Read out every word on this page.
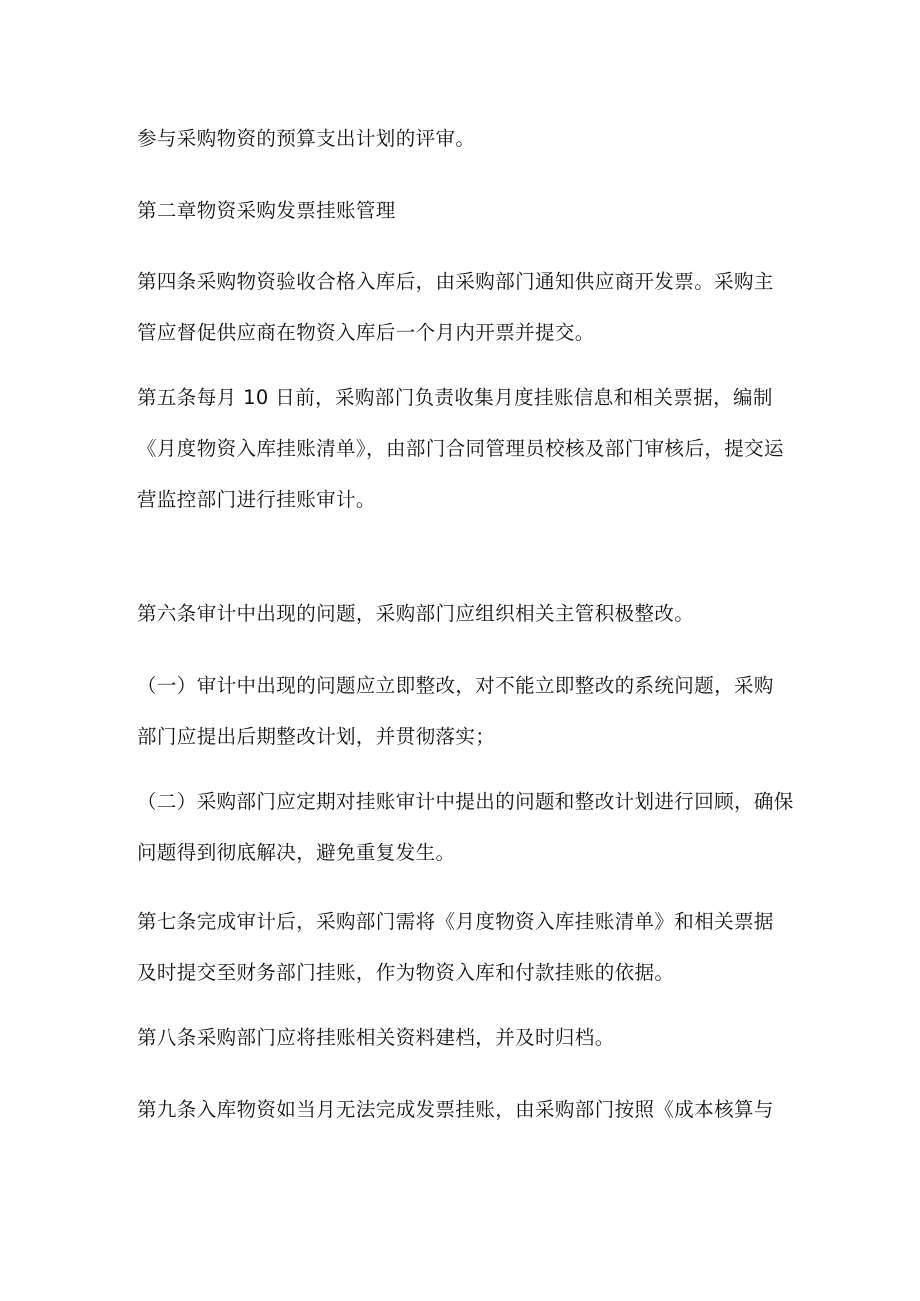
参与采购物资的预算支出计划的评审。

第二章物资采购发票挂账管理

第四条采购物资验收合格入库后，由采购部门通知供应商开发票。采购主
管应督促供应商在物资入库后一个月内开票并提交。

第五条每月 10 日前，采购部门负责收集月度挂账信息和相关票据，编制
《月度物资入库挂账清单》，由部门合同管理员校核及部门审核后，提交运
营监控部门进行挂账审计。

第六条审计中出现的问题，采购部门应组织相关主管积极整改。

（一）审计中出现的问题应立即整改，对不能立即整改的系统问题，采购
部门应提出后期整改计划，并贯彻落实；

（二）采购部门应定期对挂账审计中提出的问题和整改计划进行回顾，确保
问题得到彻底解决，避免重复发生。

第七条完成审计后，采购部门需将《月度物资入库挂账清单》和相关票据
及时提交至财务部门挂账，作为物资入库和付款挂账的依据。

第八条采购部门应将挂账相关资料建档，并及时归档。

第九条入库物资如当月无法完成发票挂账，由采购部门按照《成本核算与
